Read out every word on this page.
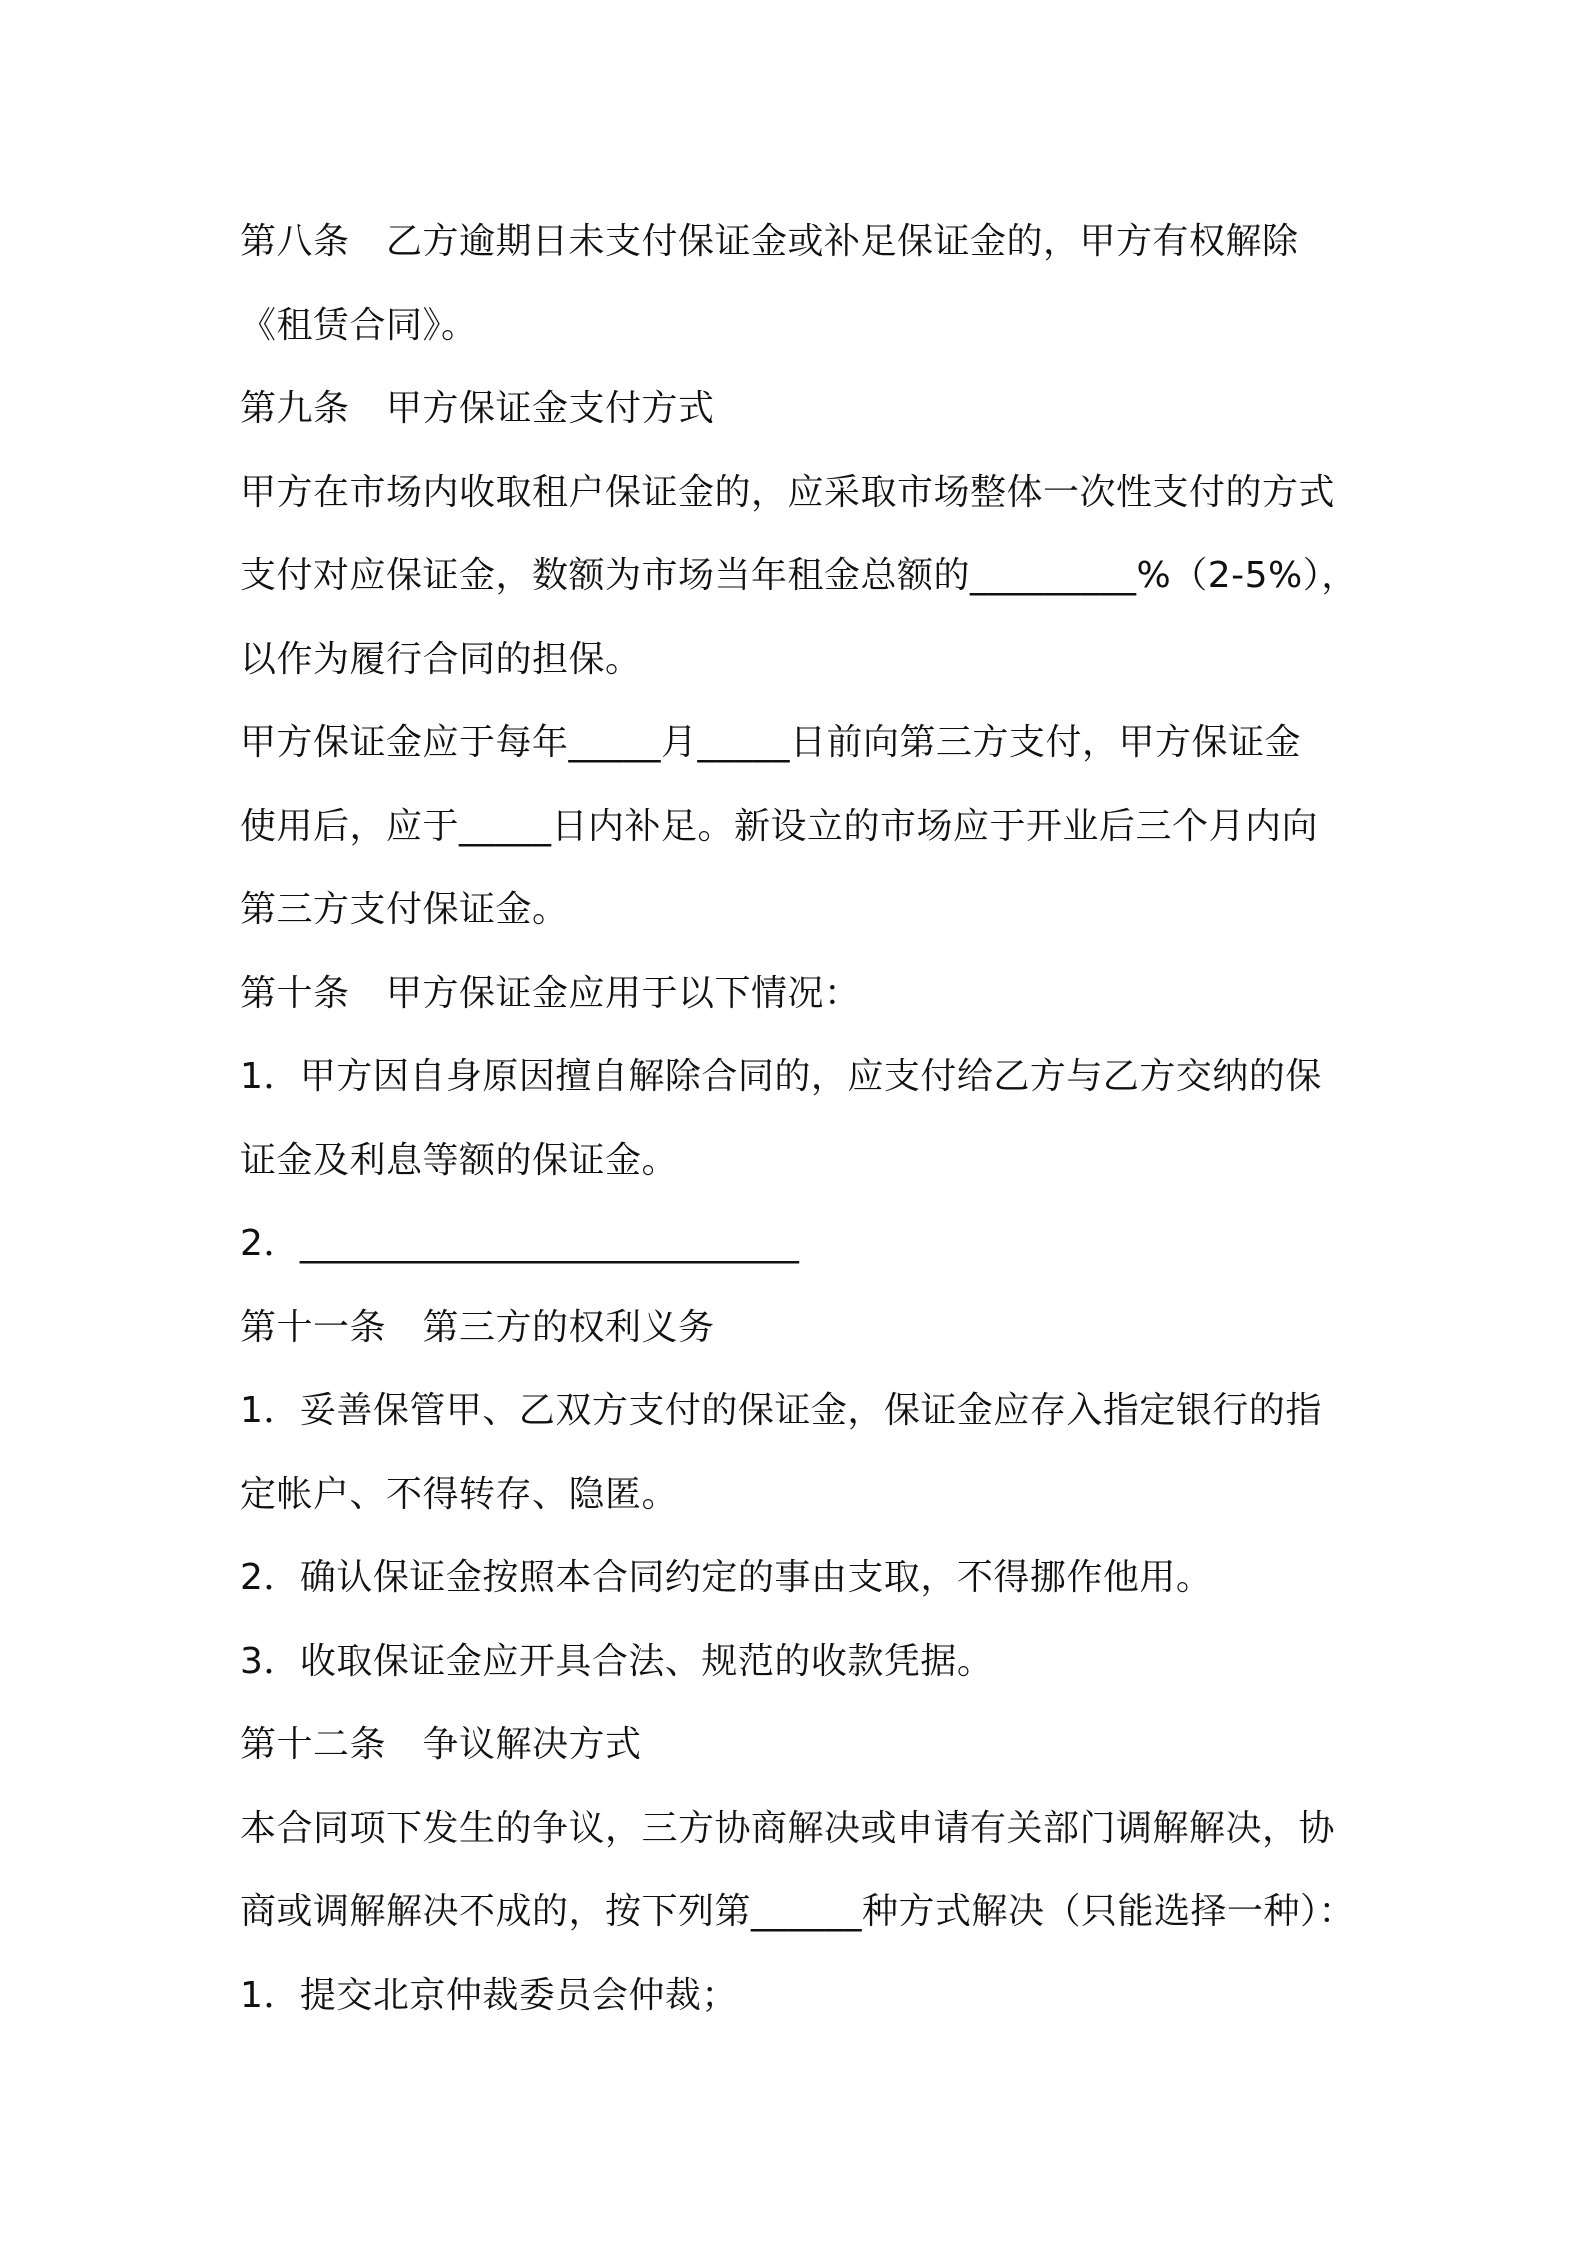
第八条　乙方逾期日未支付保证金或补足保证金的，甲方有权解除
《租赁合同》。
第九条　甲方保证金支付方式
甲方在市场内收取租户保证金的，应采取市场整体一次性支付的方式
支付对应保证金，数额为市场当年租金总额的_________%（2-5%），
以作为履行合同的担保。
甲方保证金应于每年_____月_____日前向第三方支付，甲方保证金
使用后，应于_____日内补足。新设立的市场应于开业后三个月内向
第三方支付保证金。
第十条　甲方保证金应用于以下情况：
1．甲方因自身原因擅自解除合同的，应支付给乙方与乙方交纳的保
证金及利息等额的保证金。
2．___________________________
第十一条　第三方的权利义务
1．妥善保管甲、乙双方支付的保证金，保证金应存入指定银行的指
定帐户、不得转存、隐匿。
2．确认保证金按照本合同约定的事由支取，不得挪作他用。
3．收取保证金应开具合法、规范的收款凭据。
第十二条　争议解决方式
本合同项下发生的争议，三方协商解决或申请有关部门调解解决，协
商或调解解决不成的，按下列第______种方式解决（只能选择一种）：
1．提交北京仲裁委员会仲裁；
